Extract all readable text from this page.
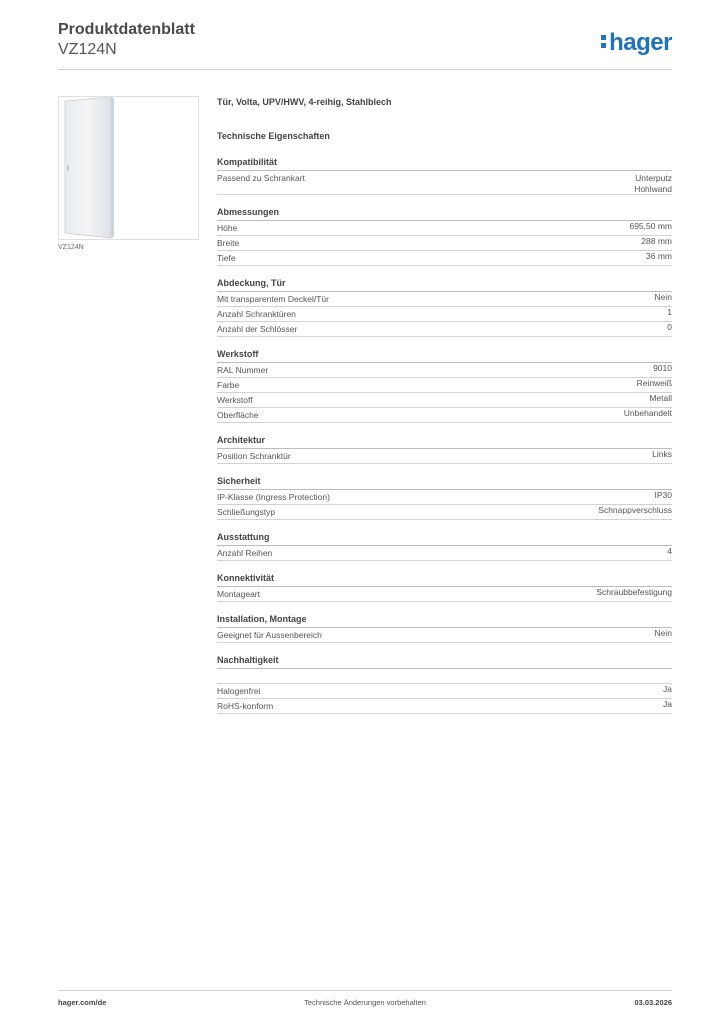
Produktdatenblatt
VZ124N	hager
VZ124N
Tür, Volta, UPV/HWV, 4-reihig, Stahlblech
Technische Eigenschaften
Kompatibilität
Passend zu Schrankart	Unterputz
Hohlwand
Abmessungen
Höhe	695,50 mm
Breite	288 mm
Tiefe	36 mm
Abdeckung, Tür
Mit transparentem Deckel/Tür	Nein
Anzahl Schranktüren	1
Anzahl der Schlösser	0
Werkstoff
RAL Nummer	9010
Farbe	Reinweiß
Werkstoff	Metall
Oberfläche	Unbehandelt
Architektur
Position Schranktür	Links
Sicherheit
IP-Klasse (Ingress Protection)	IP30
Schließungstyp	Schnappverschluss
Ausstattung
Anzahl Reihen	4
Konnektivität
Montageart	Schraubbefestigung
Installation, Montage
Geeignet für Aussenbereich	Nein
Nachhaltigkeit
Halogenfrei	Ja
RoHS-konform	Ja
hager.com/de	Technische Änderungen vorbehalten	03.03.2026
